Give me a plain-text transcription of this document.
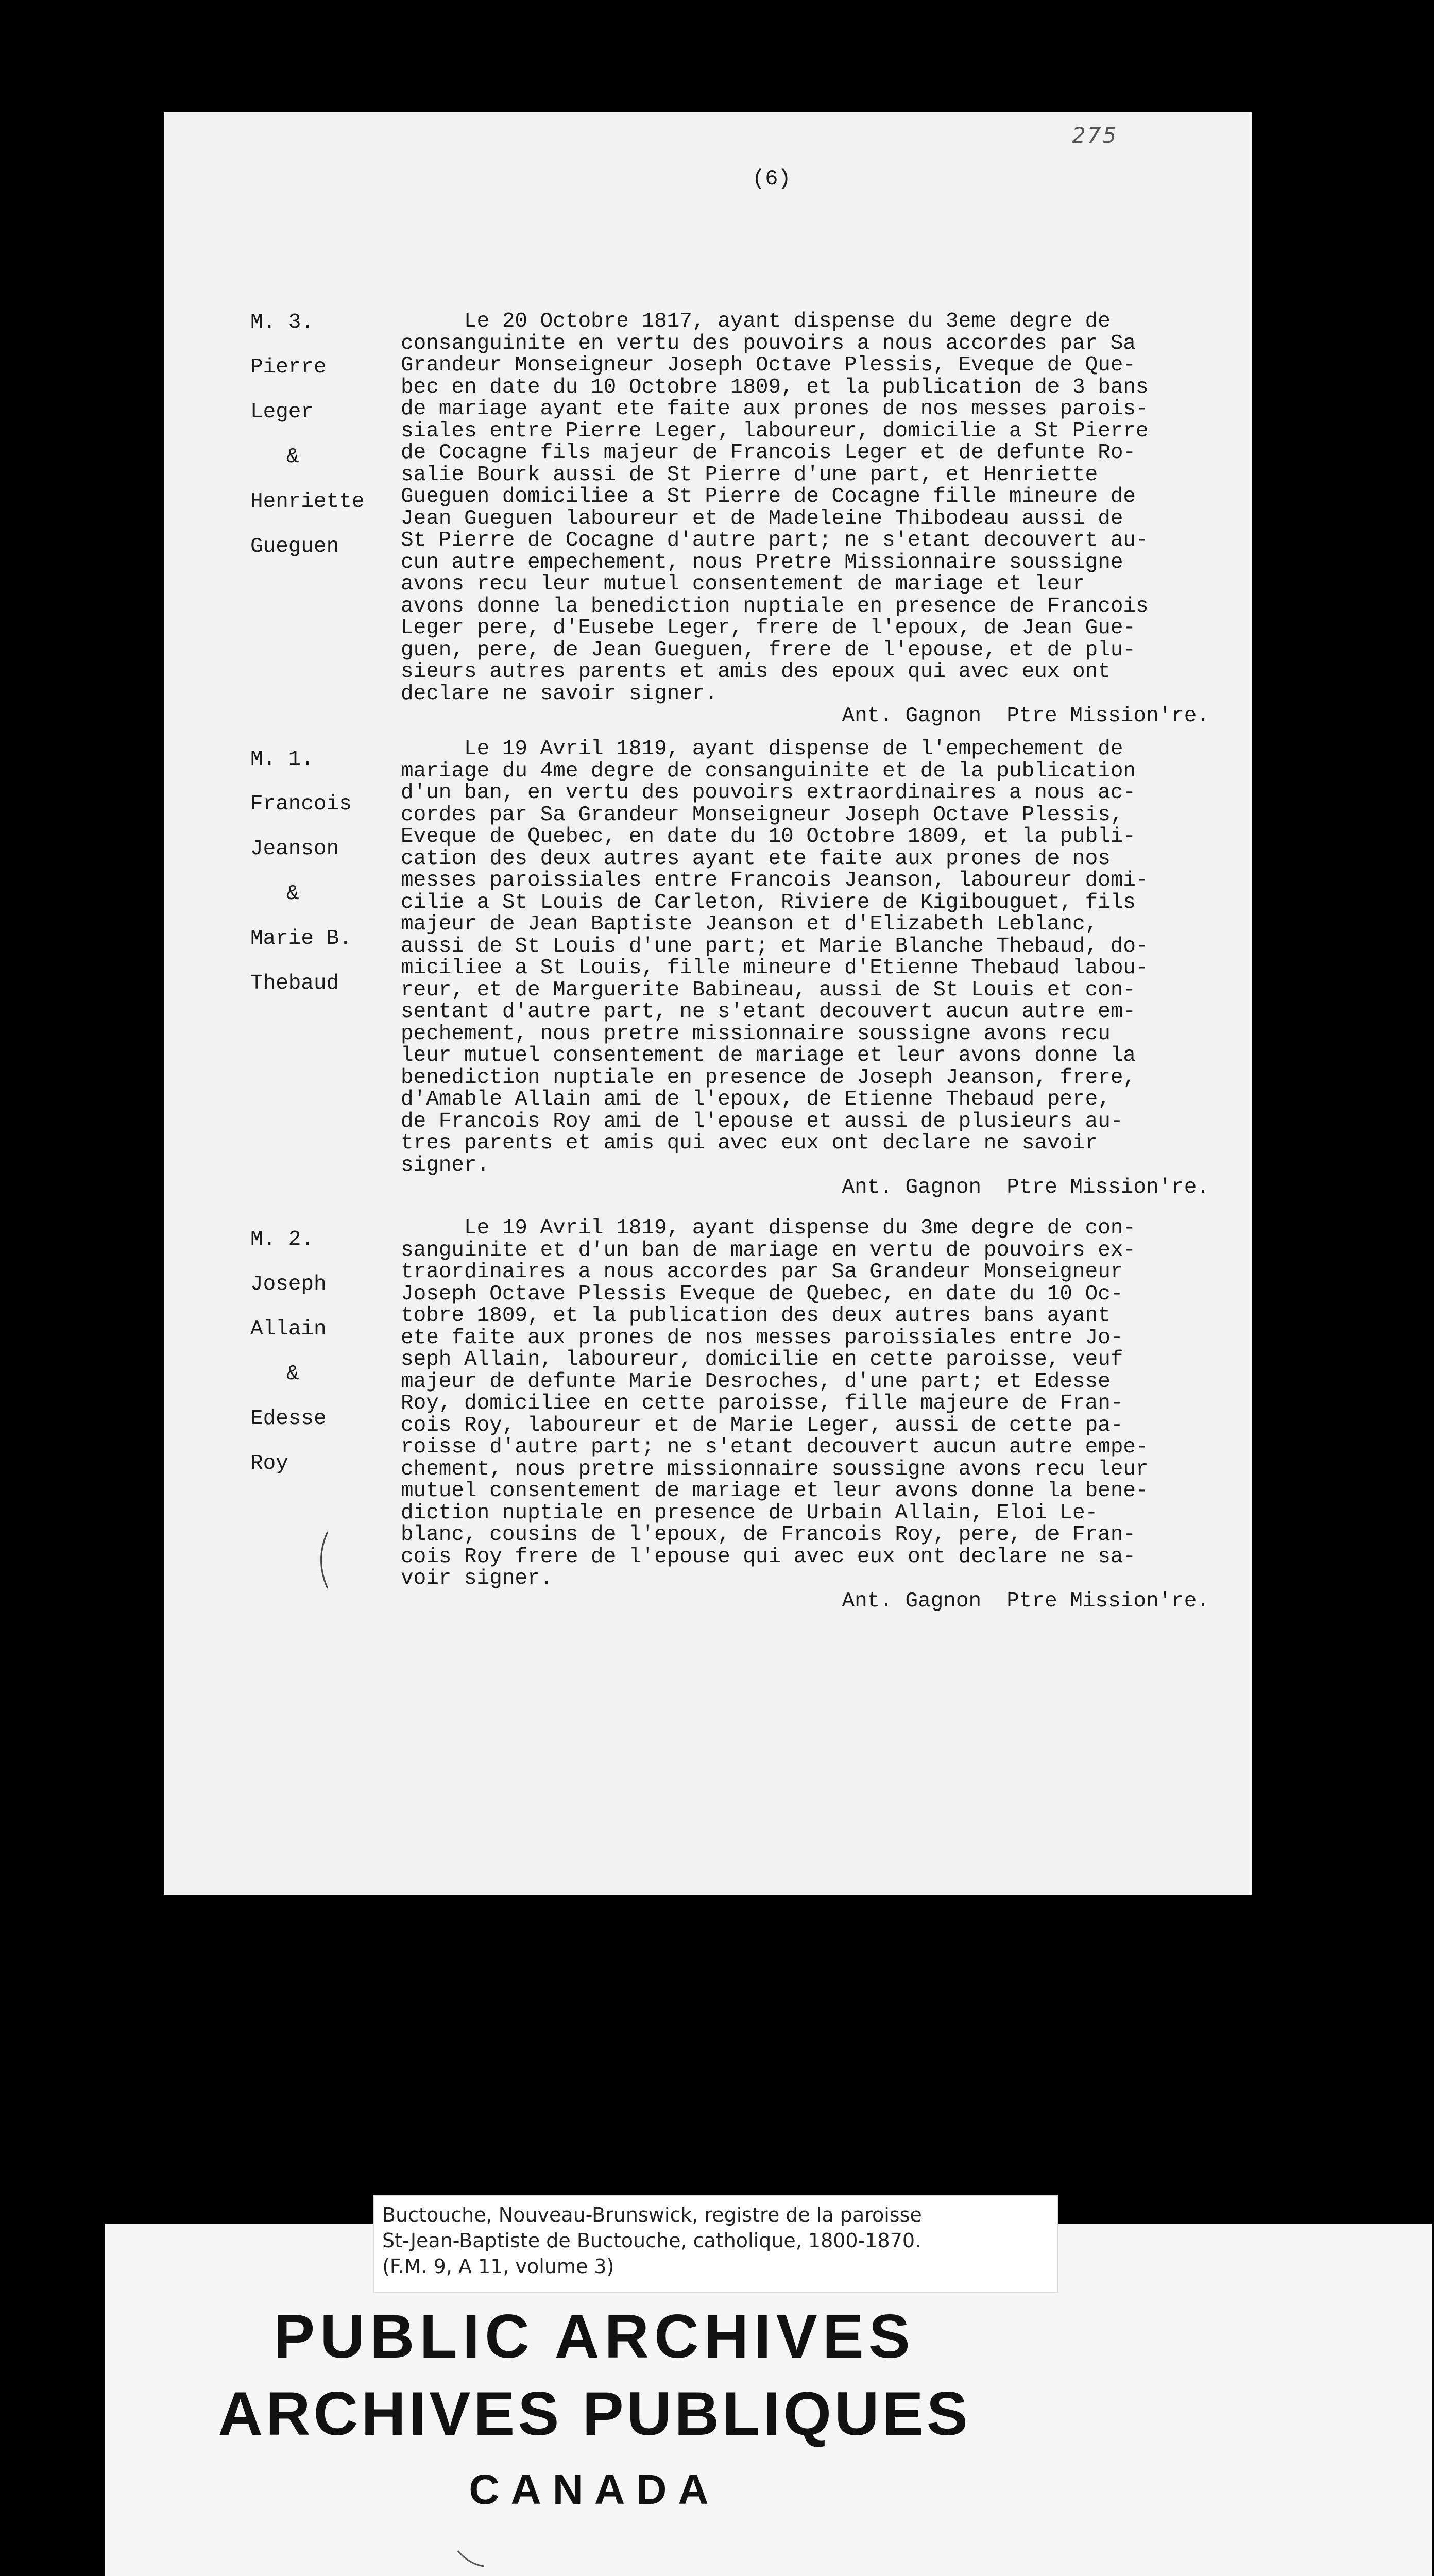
275
(6)
M. 3.
Pierre
Leger
&
Henriette
Gueguen
Le 20 Octobre 1817, ayant dispense du 3eme degre de
consanguinite en vertu des pouvoirs a nous accordes par Sa
Grandeur Monseigneur Joseph Octave Plessis, Eveque de Que-
bec en date du 10 Octobre 1809, et la publication de 3 bans
de mariage ayant ete faite aux prones de nos messes parois-
siales entre Pierre Leger, laboureur, domicilie a St Pierre
de Cocagne fils majeur de Francois Leger et de defunte Ro-
salie Bourk aussi de St Pierre d'une part, et Henriette
Gueguen domiciliee a St Pierre de Cocagne fille mineure de
Jean Gueguen laboureur et de Madeleine Thibodeau aussi de
St Pierre de Cocagne d'autre part; ne s'etant decouvert au-
cun autre empechement, nous Pretre Missionnaire soussigne
avons recu leur mutuel consentement de mariage et leur
avons donne la benediction nuptiale en presence de Francois
Leger pere, d'Eusebe Leger, frere de l'epoux, de Jean Gue-
guen, pere, de Jean Gueguen, frere de l'epouse, et de plu-
sieurs autres parents et amis des epoux qui avec eux ont
declare ne savoir signer.
Ant. Gagnon  Ptre Mission're.
M. 1.
Francois
Jeanson
&
Marie B.
Thebaud
Le 19 Avril 1819, ayant dispense de l'empechement de
mariage du 4me degre de consanguinite et de la publication
d'un ban, en vertu des pouvoirs extraordinaires a nous ac-
cordes par Sa Grandeur Monseigneur Joseph Octave Plessis,
Eveque de Quebec, en date du 10 Octobre 1809, et la publi-
cation des deux autres ayant ete faite aux prones de nos
messes paroissiales entre Francois Jeanson, laboureur domi-
cilie a St Louis de Carleton, Riviere de Kigibouguet, fils
majeur de Jean Baptiste Jeanson et d'Elizabeth Leblanc,
aussi de St Louis d'une part; et Marie Blanche Thebaud, do-
miciliee a St Louis, fille mineure d'Etienne Thebaud labou-
reur, et de Marguerite Babineau, aussi de St Louis et con-
sentant d'autre part, ne s'etant decouvert aucun autre em-
pechement, nous pretre missionnaire soussigne avons recu
leur mutuel consentement de mariage et leur avons donne la
benediction nuptiale en presence de Joseph Jeanson, frere,
d'Amable Allain ami de l'epoux, de Etienne Thebaud pere,
de Francois Roy ami de l'epouse et aussi de plusieurs au-
tres parents et amis qui avec eux ont declare ne savoir
signer.
Ant. Gagnon  Ptre Mission're.
M. 2.
Joseph
Allain
&
Edesse
Roy
Le 19 Avril 1819, ayant dispense du 3me degre de con-
sanguinite et d'un ban de mariage en vertu de pouvoirs ex-
traordinaires a nous accordes par Sa Grandeur Monseigneur
Joseph Octave Plessis Eveque de Quebec, en date du 10 Oc-
tobre 1809, et la publication des deux autres bans ayant
ete faite aux prones de nos messes paroissiales entre Jo-
seph Allain, laboureur, domicilie en cette paroisse, veuf
majeur de defunte Marie Desroches, d'une part; et Edesse
Roy, domiciliee en cette paroisse, fille majeure de Fran-
cois Roy, laboureur et de Marie Leger, aussi de cette pa-
roisse d'autre part; ne s'etant decouvert aucun autre empe-
chement, nous pretre missionnaire soussigne avons recu leur
mutuel consentement de mariage et leur avons donne la bene-
diction nuptiale en presence de Urbain Allain, Eloi Le-
blanc, cousins de l'epoux, de Francois Roy, pere, de Fran-
cois Roy frere de l'epouse qui avec eux ont declare ne sa-
voir signer.
Ant. Gagnon  Ptre Mission're.
Buctouche, Nouveau-Brunswick, registre de la paroisse
St-Jean-Baptiste de Buctouche, catholique, 1800-1870.
(F.M. 9, A 11, volume 3)
PUBLIC ARCHIVES
ARCHIVES PUBLIQUES
CANADA
